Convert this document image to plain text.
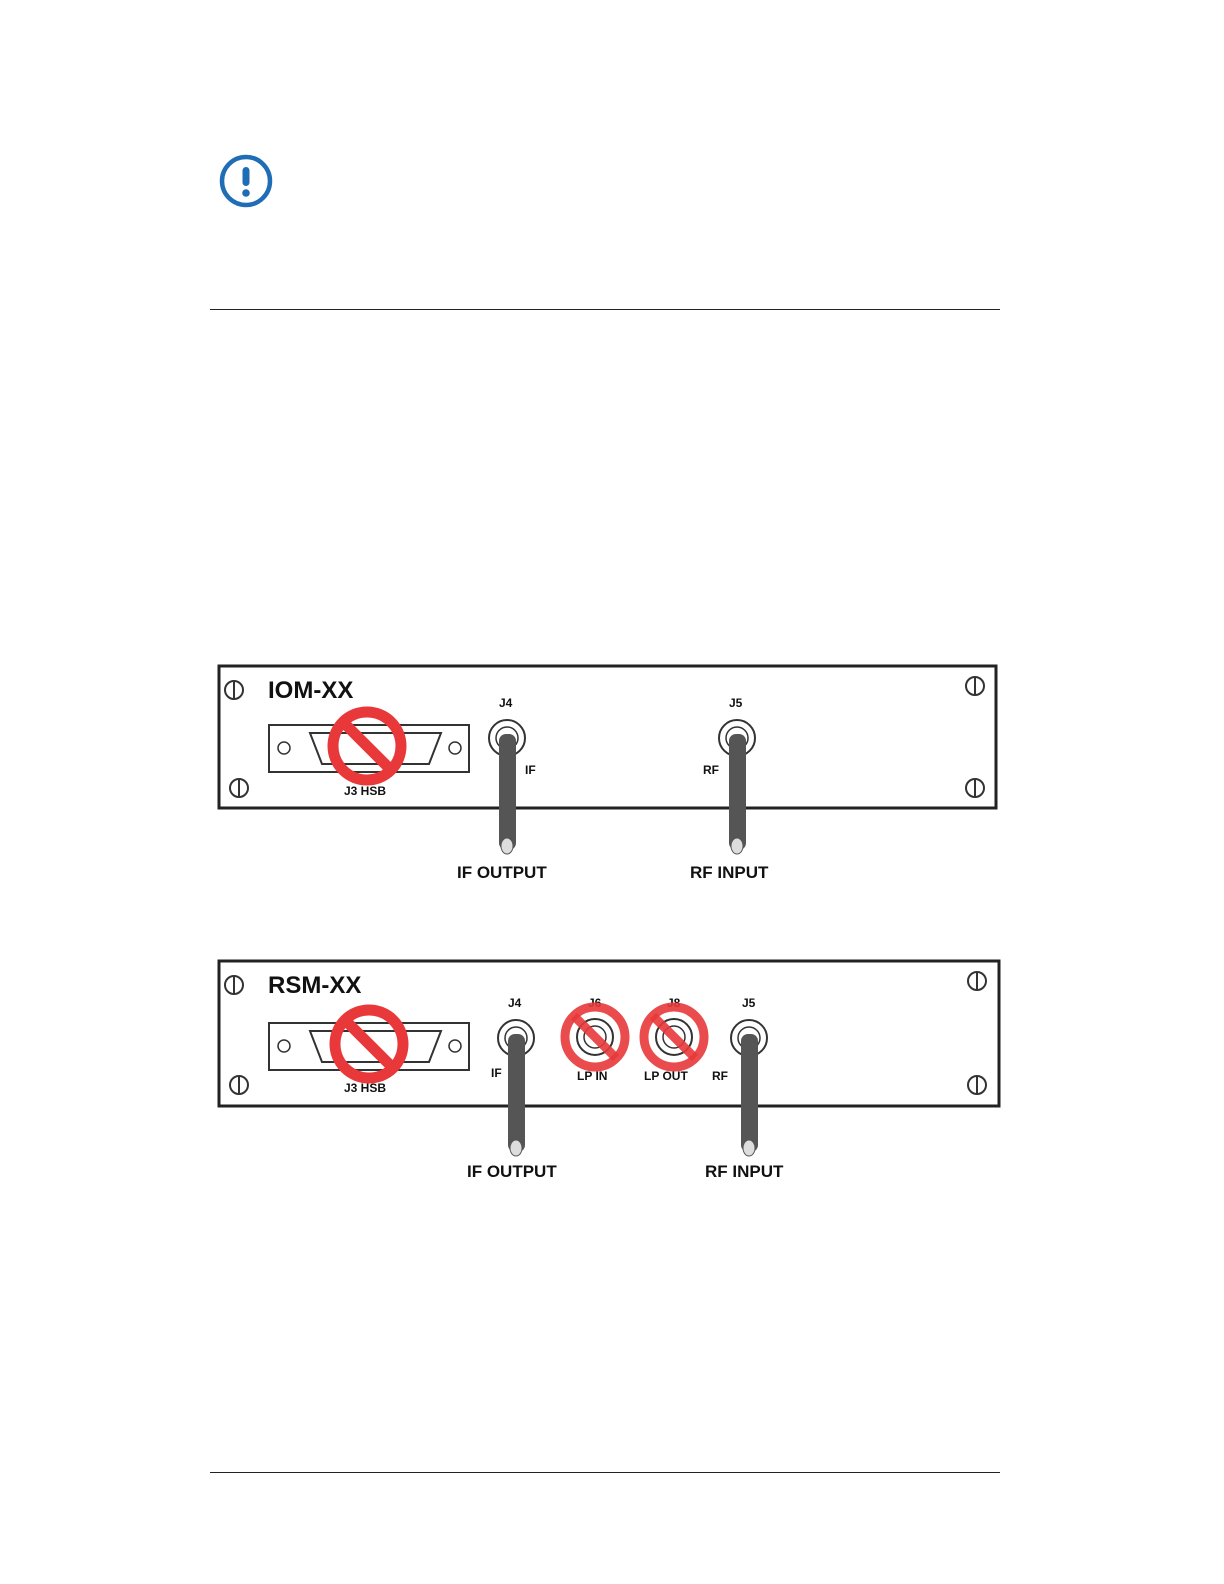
IOM-XX
J3 HSB
J4
IF
IF OUTPUT
J5
RF
RF INPUT
RSM-XX
J3 HSB
J4
IF
IF OUTPUT
J6
LP IN
J8
LP OUT
J5
RF
RF INPUT
